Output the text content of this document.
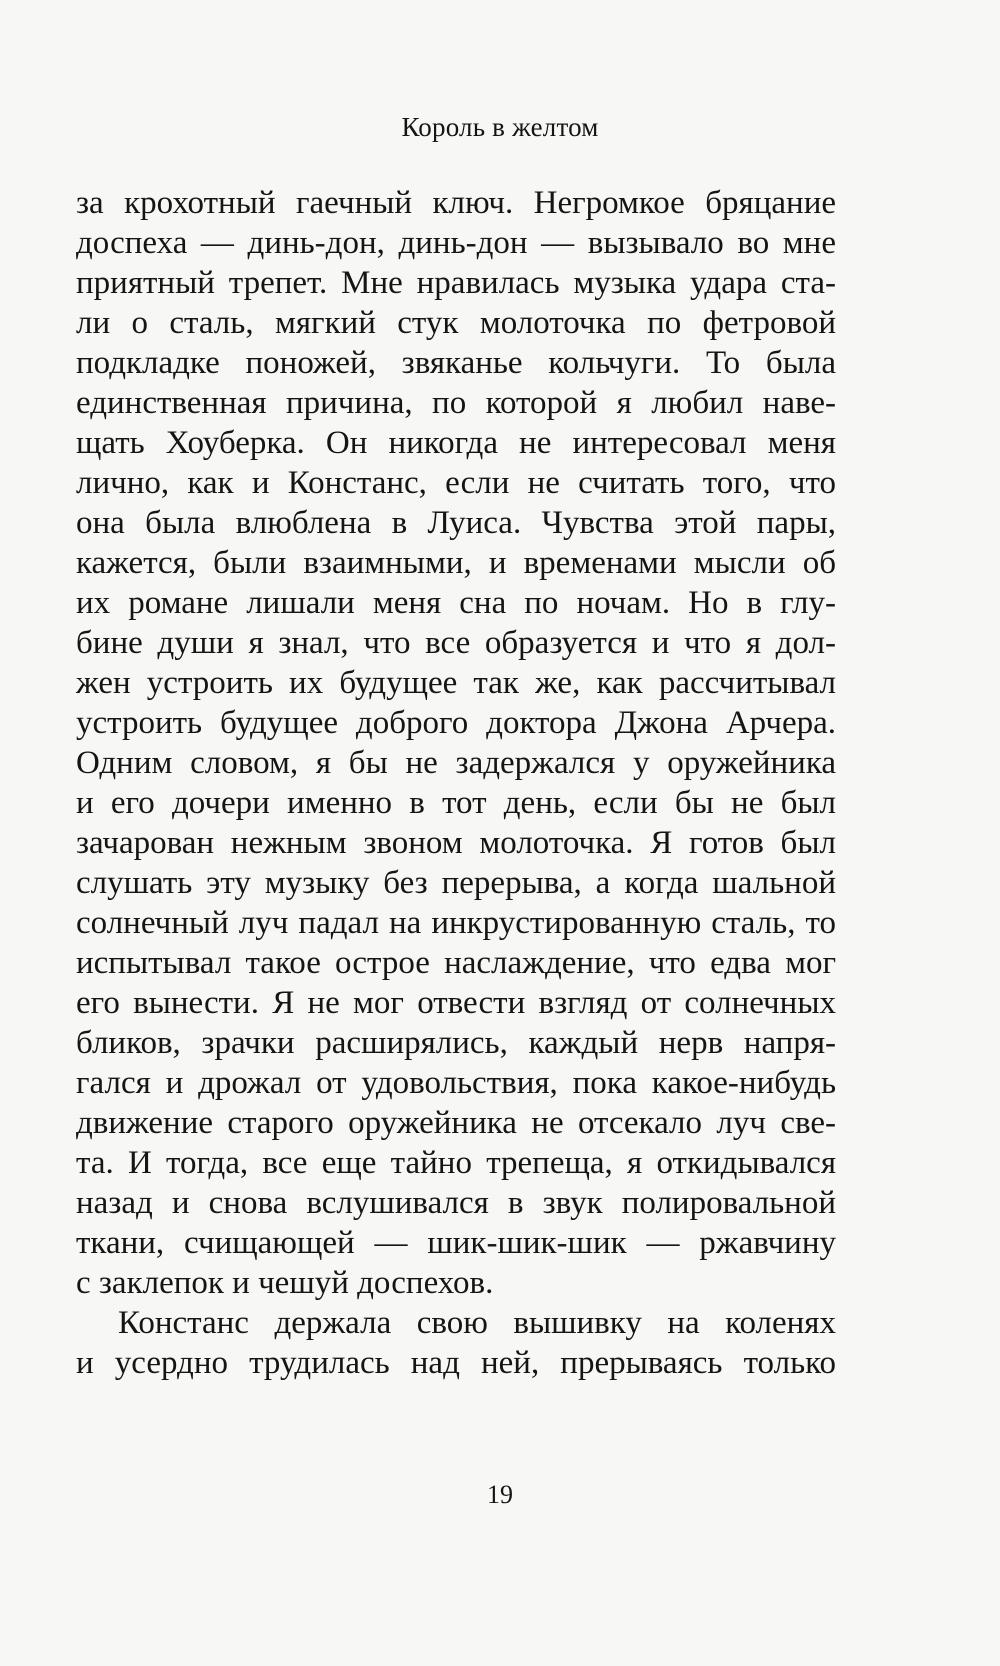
Король в желтом
за крохотный гаечный ключ. Негромкое бряцание
доспеха — динь-дон, динь-дон — вызывало во мне
приятный трепет. Мне нравилась музыка удара ста-
ли о сталь, мягкий стук молоточка по фетровой
подкладке поножей, звяканье кольчуги. То была
единственная причина, по которой я любил наве-
щать Хоуберка. Он никогда не интересовал меня
лично, как и Констанс, если не считать того, что
она была влюблена в Луиса. Чувства этой пары,
кажется, были взаимными, и временами мысли об
их романе лишали меня сна по ночам. Но в глу-
бине души я знал, что все образуется и что я дол-
жен устроить их будущее так же, как рассчитывал
устроить будущее доброго доктора Джона Арчера.
Одним словом, я бы не задержался у оружейника
и его дочери именно в тот день, если бы не был
зачарован нежным звоном молоточка. Я готов был
слушать эту музыку без перерыва, а когда шальной
солнечный луч падал на инкрустированную сталь, то
испытывал такое острое наслаждение, что едва мог
его вынести. Я не мог отвести взгляд от солнечных
бликов, зрачки расширялись, каждый нерв напря-
гался и дрожал от удовольствия, пока какое-нибудь
движение старого оружейника не отсекало луч све-
та. И тогда, все еще тайно трепеща, я откидывался
назад и снова вслушивался в звук полировальной
ткани, счищающей — шик-шик-шик — ржавчину
с заклепок и чешуй доспехов.
Констанс держала свою вышивку на коленях
и усердно трудилась над ней, прерываясь только
19
